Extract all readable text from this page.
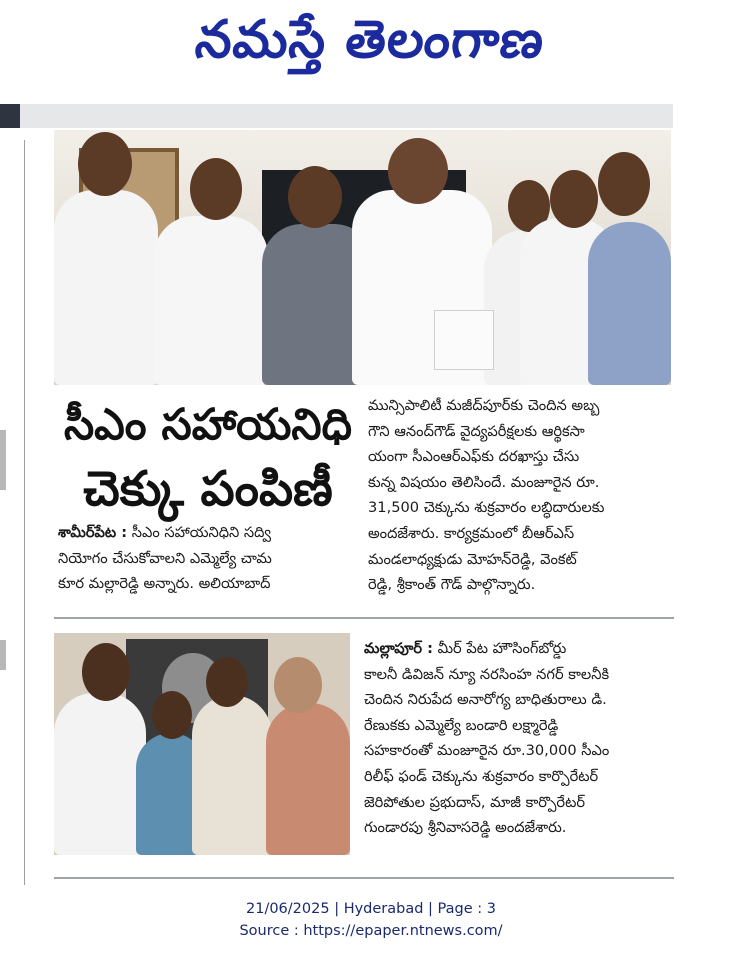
నమస్తే తెలంగాణ
సీఎం సహాయనిధి
చెక్కు పంపిణీ
శామీర్‌పేట : సీఎం సహాయనిధిని సద్వి
నియోగం చేసుకోవాలని ఎమ్మెల్యే చామ
కూర మల్లారెడ్డి అన్నారు. అలియాబాద్
మున్సిపాలిటీ మజీద్‌పూర్‌కు చెందిన అబ్బ
గౌని ఆనంద్‌గౌడ్ వైద్యపరీక్షలకు ఆర్థికసా
యంగా సీఎంఆర్ఎఫ్‌కు దరఖాస్తు చేసు
కున్న విషయం తెలిసిందే. మంజూరైన రూ.
31,500 చెక్కును శుక్రవారం లబ్ధిదారులకు
అందజేశారు. కార్యక్రమంలో బీఆర్ఎస్
మండలాధ్యక్షుడు మోహన్‌రెడ్డి, వెంకట్
రెడ్డి, శ్రీకాంత్ గౌడ్ పాల్గొన్నారు.
మల్లాపూర్ : మీర్ పేట హౌసింగ్‌బోర్డు
కాలనీ డివిజన్ న్యూ నరసింహ నగర్ కాలనీకి
చెందిన నిరుపేద అనారోగ్య బాధితురాలు డి.
రేణుకకు ఎమ్మెల్యే బండారి లక్ష్మారెడ్డి
సహకారంతో మంజూరైన రూ.30,000 సీఎం
రిలీఫ్ ఫండ్ చెక్కును శుక్రవారం కార్పొరేటర్
జెరిపోతుల ప్రభుదాస్, మాజీ కార్పొరేటర్
గుండారపు శ్రీనివాసరెడ్డి అందజేశారు.
21/06/2025 | Hyderabad | Page : 3
Source : https://epaper.ntnews.com/
